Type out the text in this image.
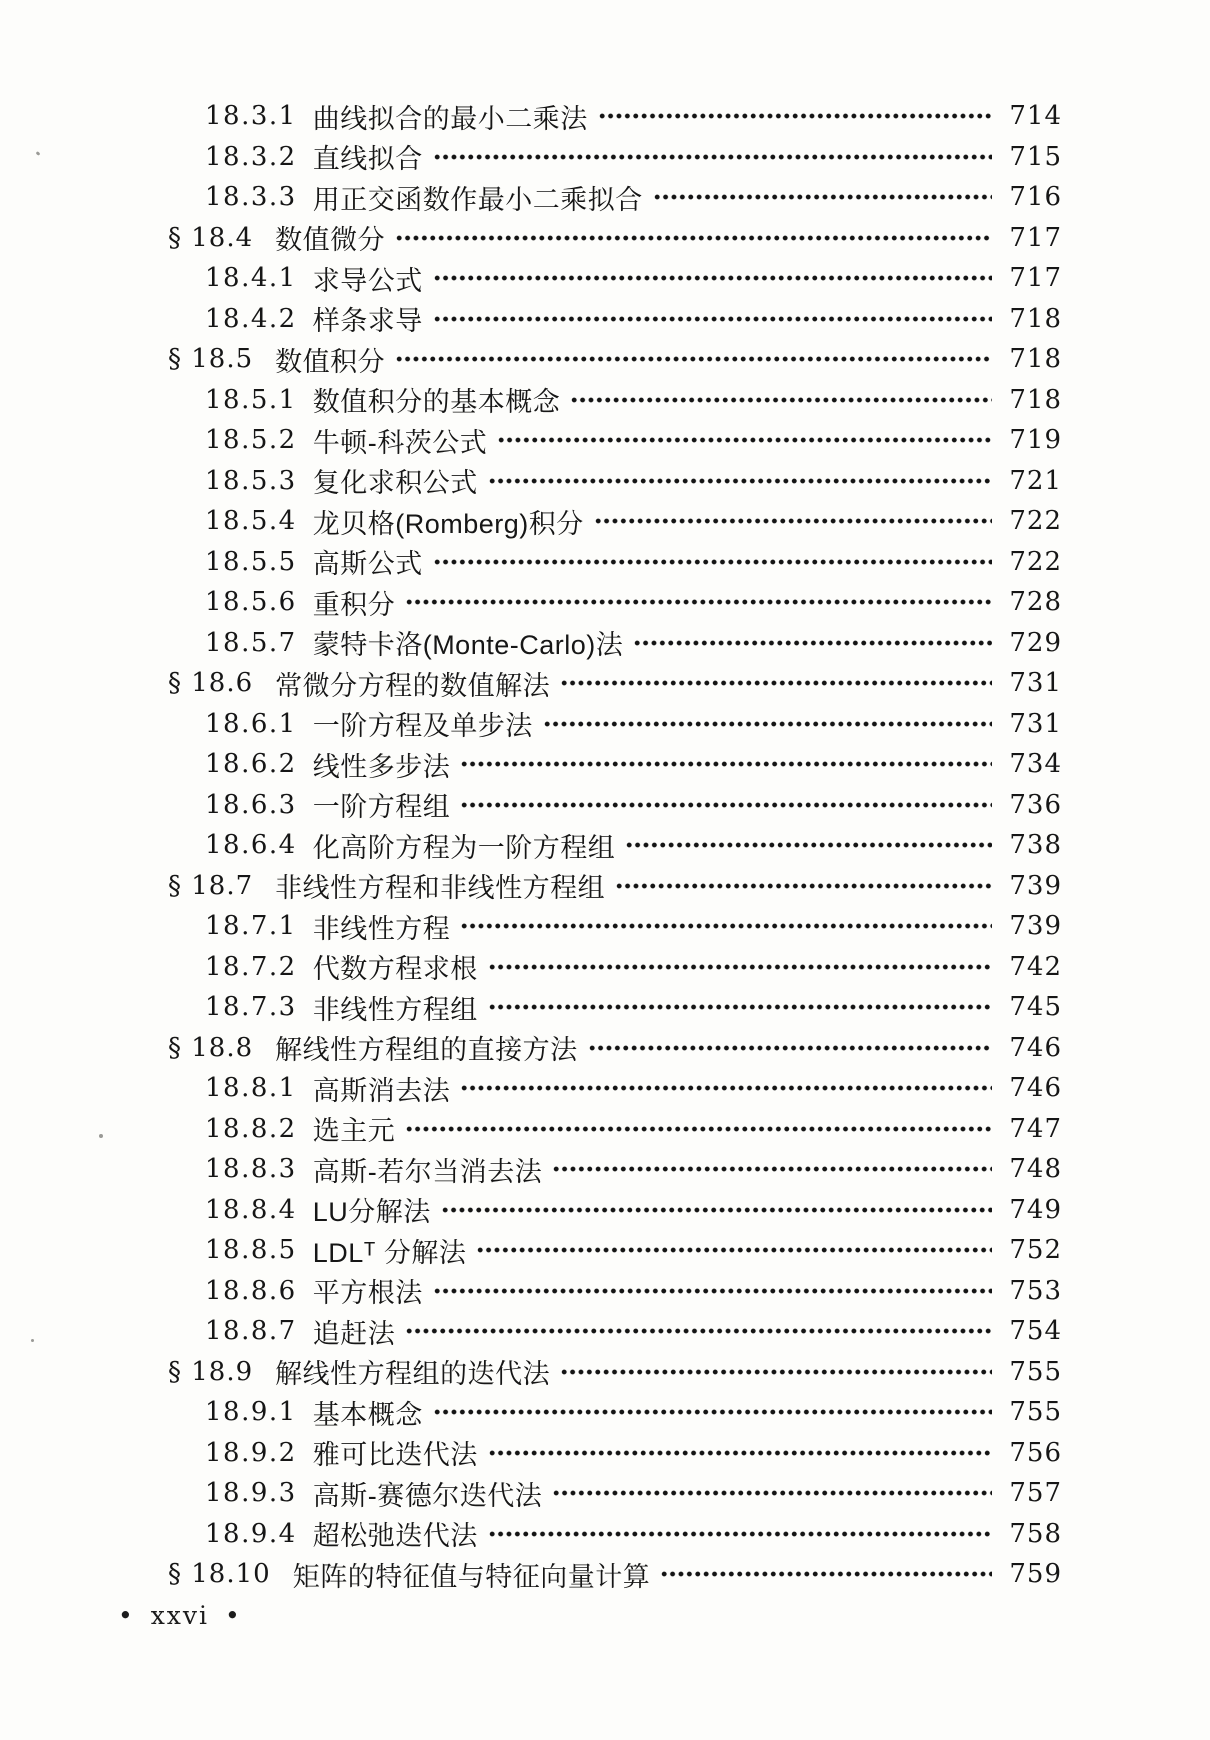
18.3.1 曲线拟合的最小二乘法	714
18.3.2 直线拟合	715
18.3.3 用正交函数作最小二乘拟合	716
§ 18.4 数值微分	717
18.4.1 求导公式	717
18.4.2 样条求导	718
§ 18.5 数值积分	718
18.5.1 数值积分的基本概念	718
18.5.2 牛顿-科茨公式	719
18.5.3 复化求积公式	721
18.5.4 龙贝格(Romberg)积分	722
18.5.5 高斯公式	722
18.5.6 重积分	728
18.5.7 蒙特卡洛(Monte-Carlo)法	729
§ 18.6 常微分方程的数值解法	731
18.6.1 一阶方程及单步法	731
18.6.2 线性多步法	734
18.6.3 一阶方程组	736
18.6.4 化高阶方程为一阶方程组	738
§ 18.7 非线性方程和非线性方程组	739
18.7.1 非线性方程	739
18.7.2 代数方程求根	742
18.7.3 非线性方程组	745
§ 18.8 解线性方程组的直接方法	746
18.8.1 高斯消去法	746
18.8.2 选主元	747
18.8.3 高斯-若尔当消去法	748
18.8.4 LU分解法	749
18.8.5 LDLᵀ 分解法	752
18.8.6 平方根法	753
18.8.7 追赶法	754
§ 18.9 解线性方程组的迭代法	755
18.9.1 基本概念	755
18.9.2 雅可比迭代法	756
18.9.3 高斯-赛德尔迭代法	757
18.9.4 超松弛迭代法	758
§ 18.10 矩阵的特征值与特征向量计算	759
• xxvi •
